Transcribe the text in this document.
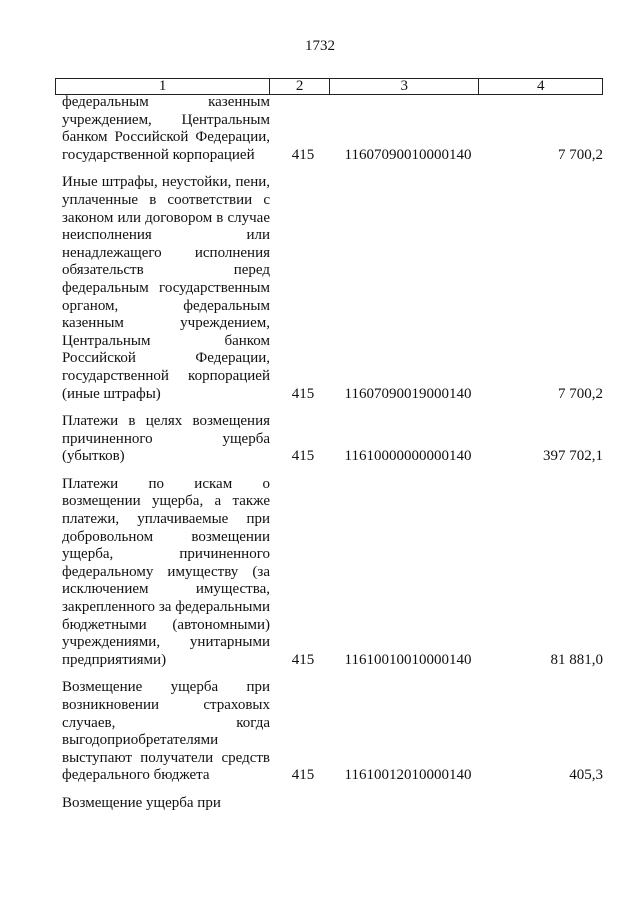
1732
1	2	3	4
федеральным казенным учреждением, Центральным банком Российской Федерации, государственной корпорацией	415	11607090010000140	7 700,2
Иные штрафы, неустойки, пени, уплаченные в соответствии с законом или договором в случае неисполнения или ненадлежащего исполнения обязательств перед федеральным государственным органом, федеральным казенным учреждением, Центральным банком Российской Федерации, государственной корпорацией (иные штрафы)	415	11607090019000140	7 700,2
Платежи в целях возмещения причиненного ущерба (убытков)	415	11610000000000140	397 702,1
Платежи по искам о возмещении ущерба, а также платежи, уплачиваемые при добровольном возмещении ущерба, причиненного федеральному имуществу (за исключением имущества, закрепленного за федеральными бюджетными (автономными) учреждениями, унитарными предприятиями)	415	11610010010000140	81 881,0
Возмещение ущерба при возникновении страховых случаев, когда выгодоприобретателями выступают получатели средств федерального бюджета	415	11610012010000140	405,3
Возмещение ущерба при
